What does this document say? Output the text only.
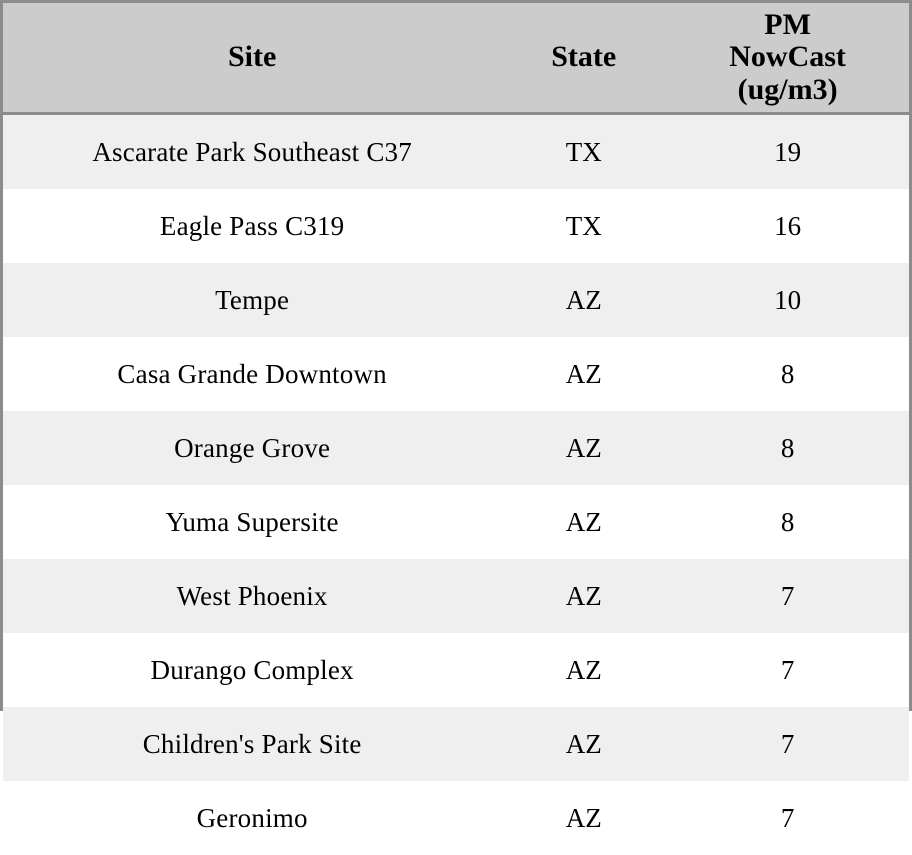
Site	State	PM
NowCast
(ug/m3)

Ascarate Park Southeast C37	TX	19
Eagle Pass C319	TX	16
Tempe	AZ	10
Casa Grande Downtown	AZ	8
Orange Grove	AZ	8
Yuma Supersite	AZ	8
West Phoenix	AZ	7
Durango Complex	AZ	7
Children's Park Site	AZ	7
Geronimo	AZ	7
